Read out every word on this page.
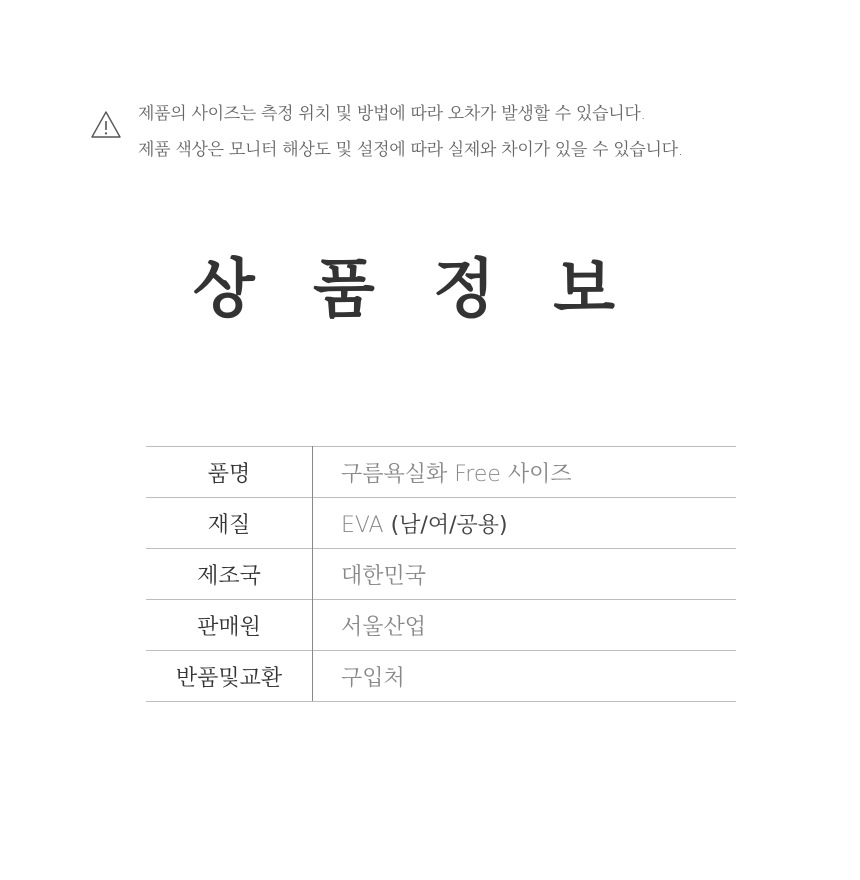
제품의 사이즈는 측정 위치 및 방법에 따라 오차가 발생할 수 있습니다.
제품 색상은 모니터 해상도 및 설정에 따라 실제와 차이가 있을 수 있습니다.
상 품 정 보
품명	구름욕실화 Free 사이즈
재질	EVA (남/여/공용)
제조국	대한민국
판매원	서울산업
반품및교환	구입처
